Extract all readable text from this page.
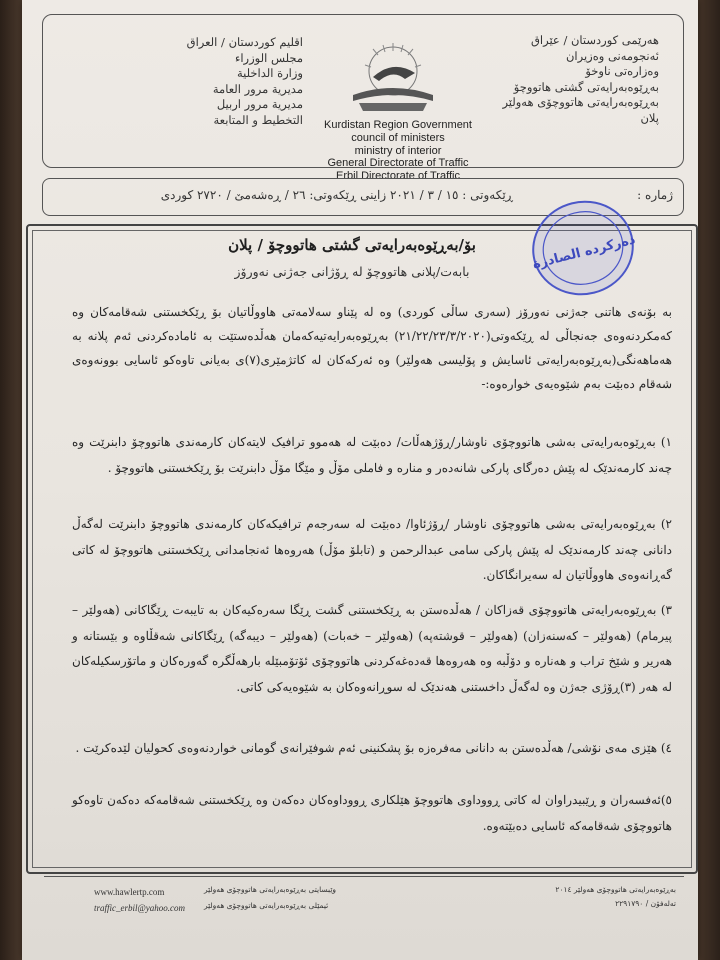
اقليم كوردستان / العراق
مجلس الوزراء
وزارة الداخلية
مديرية مرور العامة
مديرية مرور اربيل
التخطيط و المتابعة	Kurdistan Region Government
council of ministers
ministry of interior
General Directorate of Traffic
Erbil Directorate of Traffic
هەرێمی کوردستان / عێراق
ئەنجومەنی وەزیران
وەزارەتی ناوخۆ
بەڕێوەبەرایەتی گشتی هاتووچۆ
بەڕێوەبەرایەتی هاتووچۆی هەولێر
پلان
ژمارە :
ڕێکەوتی : ١٥ / ٣ / ٢٠٢١ زاینی ڕێکەوتی: ٢٦ / ڕەشەمێ / ٢٧٢٠ کوردی
دەرکردە الصادرة
بۆ/بەڕێوەبەرایەتی گشتی هاتووچۆ / پلان
بابەت/پلانی هاتووچۆ لە ڕۆژانی جەژنی نەورۆز

بە بۆنەی هاتنی جەژنی نەورۆز (سەری ساڵی کوردی) وە لە پێناو سەلامەتی هاووڵاتیان بۆ ڕێکخستنی شەقامەکان وە کەمکردنەوەی جەنجاڵی لە ڕێکەوتی(٢١/٢٢/٢٣/٣/٢٠٢٠) بەڕێوەبەرایەتیەکەمان هەڵدەستێت بە ئامادەکردنی ئەم پلانە بە هەماهەنگی(بەڕێوەبەرایەتی ئاسایش و پۆلیسی هەولێر) وە ئەرکەکان لە کاتژمێری(٧)ی بەیانی تاوەکو ئاسایی بوونەوەی شەقام دەبێت بەم شێوەیەی خوارەوە:-

١) بەڕێوەبەرایەتی بەشی هاتووچۆی ناوشار/ڕۆژهەڵات/ دەبێت لە هەموو ترافیک لایتەکان کارمەندی هاتووچۆ دابنرێت وە چەند کارمەندێک لە پێش دەرگای پارکی شانەدەر و منارە و فاملی مۆڵ و مێگا مۆڵ دابنرێت بۆ ڕێکخستنی هاتووچۆ .

٢) بەڕێوەبەرایەتی بەشی هاتووچۆی ناوشار /ڕۆژئاوا/ دەبێت لە سەرجەم ترافیکەکان کارمەندی هاتووچۆ دابنرێت لەگەڵ دانانی چەند کارمەندێک لە پێش پارکی سامی عبدالرحمن و (تابلۆ مۆڵ) هەروەها ئەنجامدانی ڕێکخستنی هاتووچۆ لە کاتی گەڕانەوەی هاووڵاتیان لە سەیرانگاکان.

٣) بەڕێوەبەرایەتی هاتووچۆی قەزاکان / هەڵدەستن بە ڕێکخستنی گشت ڕێگا سەرەکیەکان بە تایبەت ڕێگاکانی (هەولێر – پیرمام) (هەولێر – کەسنەزان) (هەولێر – قوشتەپە) (هەولێر – خەبات) (هەولێر – دیبەگە) ڕێگاکانی شەقڵاوە و بێستانە و هەریر و شێخ تراب و هەنارە و دۆڵبە وە هەروەها قەدەغەکردنی هاتووچۆی ئۆتۆمبێلە بارهەڵگرە گەورەکان و ماتۆرسکیلەکان لە هەر (٣)ڕۆژی جەژن وە لەگەڵ داخستنی هەندێک لە سوڕانەوەکان بە شێوەیەکی کاتی.

٤) هێزی مەی نۆشی/ هەڵدەستن بە دانانی مەفرەزە بۆ پشکنینی ئەم شوفێرانەی گومانی خواردنەوەی کحولیان لێدەکرێت .

٥)ئەفسەران و ڕێبیدراوان لە کاتی ڕووداوی هاتووچۆ هێلکاری ڕووداوەکان دەکەن وە ڕێکخستنی شەقامەکە دەکەن تاوەکو هاتووچۆی شەقامەکە ئاسایی دەبێتەوە.

www.hawlertp.com
traffic_erbil@yahoo.com
وێبسایتی بەڕێوەبەرایەتی هاتووچۆی هەولێر
ئیمێلی بەڕێوەبەرایەتی هاتووچۆی هەولێر
بەڕێوەبەرایەتی هاتووچۆی هەولێر ٢٠١٤
تەلەفۆن / ٢٢٩١٧٩٠
